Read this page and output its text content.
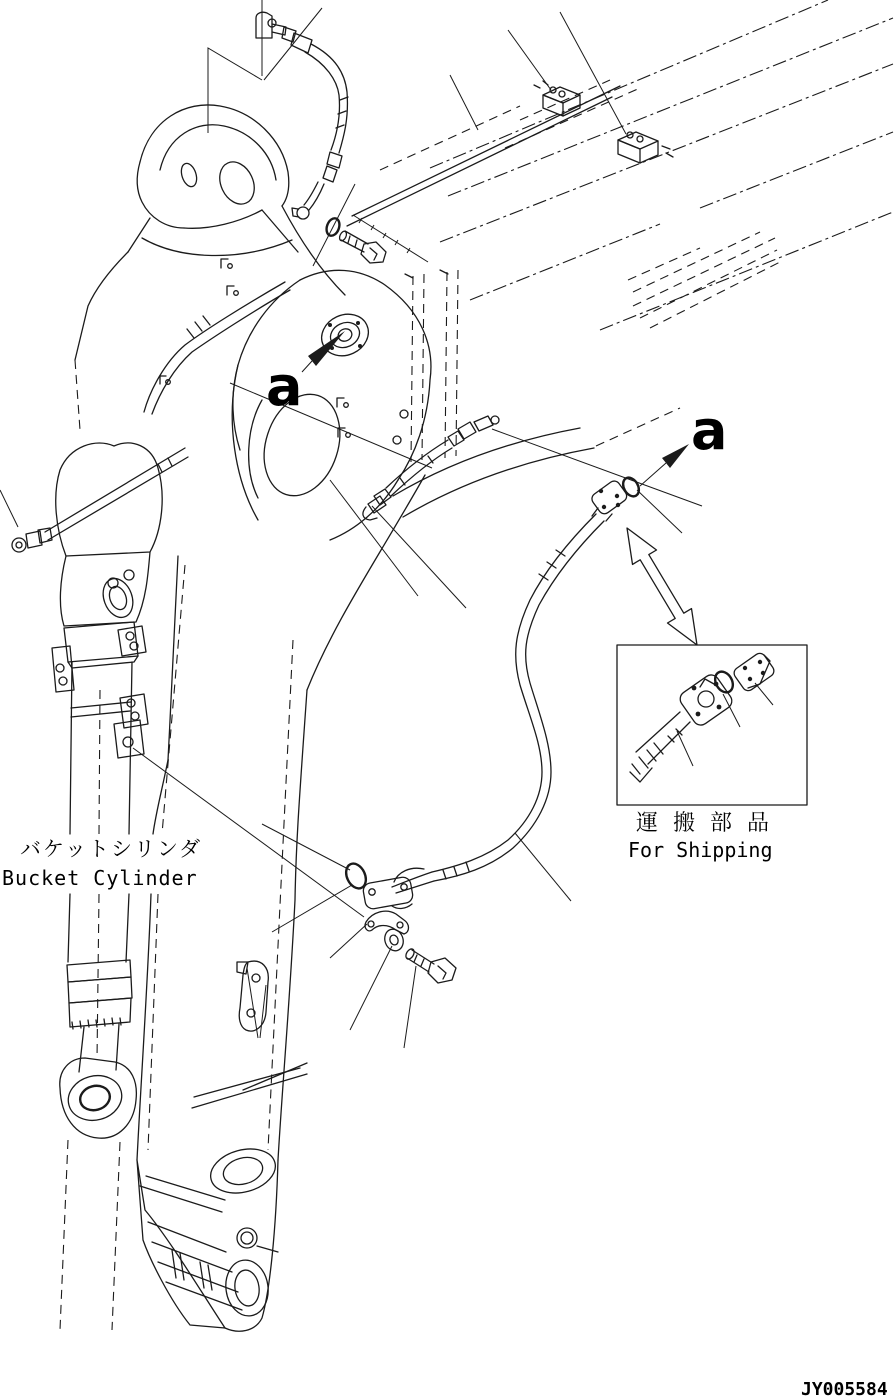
バケットシリンダ
Bucket Cylinder
運 搬 部 品
For Shipping
a
a
JY005584
